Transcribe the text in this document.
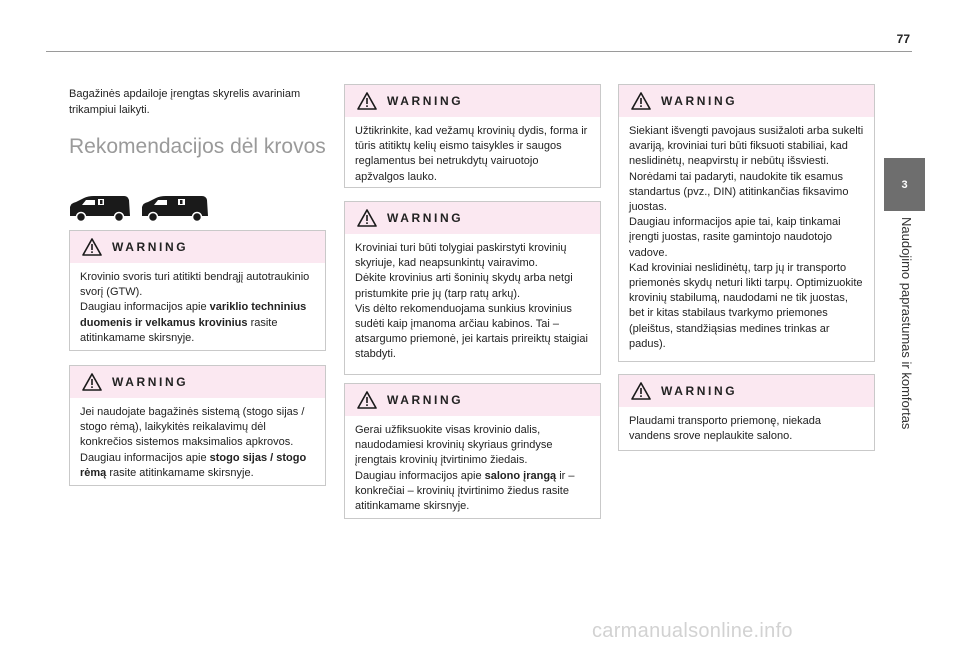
77
3
Naudojimo paprastumas ir komfortas
Bagažinės apdailoje įrengtas skyrelis avariniam trikampiui laikyti.
Rekomendacijos dėl krovos
WARNING

Krovinio svoris turi atitikti bendrąjį autotraukinio svorį (GTW).

Daugiau informacijos apie variklio techninius duomenis ir velkamus krovinius rasite atitinkamame skirsnyje.

WARNING

Jei naudojate bagažinės sistemą (stogo sijas / stogo rėmą), laikykitės reikalavimų dėl konkrečios sistemos maksimalios apkrovos.

Daugiau informacijos apie stogo sijas / stogo rėmą rasite atitinkamame skirsnyje.

WARNING

Užtikrinkite, kad vežamų krovinių dydis, forma ir tūris atitiktų kelių eismo taisykles ir saugos reglamentus bei netrukdytų vairuotojo apžvalgos lauko.

WARNING

Kroviniai turi būti tolygiai paskirstyti krovinių skyriuje, kad neapsunkintų vairavimo.

Dėkite krovinius arti šoninių skydų arba netgi pristumkite prie jų (tarp ratų arkų).

Vis dėlto rekomenduojama sunkius krovinius sudėti kaip įmanoma arčiau kabinos. Tai – atsargumo priemonė, jei kartais prireiktų staigiai stabdyti.

WARNING

Gerai užfiksuokite visas krovinio dalis, naudodamiesi krovinių skyriaus grindyse įrengtais krovinių įtvirtinimo žiedais.

Daugiau informacijos apie salono įrangą ir – konkrečiai – krovinių įtvirtinimo žiedus rasite atitinkamame skirsnyje.

WARNING

Siekiant išvengti pavojaus susižaloti arba sukelti avariją, kroviniai turi būti fiksuoti stabiliai, kad neslidinėtų, neapvirstų ir nebūtų išsviesti. Norėdami tai padaryti, naudokite tik esamus standartus (pvz., DIN) atitinkančias fiksavimo juostas.

Daugiau informacijos apie tai, kaip tinkamai įrengti juostas, rasite gamintojo naudotojo vadove.

Kad kroviniai neslidinėtų, tarp jų ir transporto priemonės skydų neturi likti tarpų. Optimizuokite krovinių stabilumą, naudodami ne tik juostas, bet ir kitas stabilaus tvarkymo priemones (pleištus, standžiąsias medines trinkas ar padus).

WARNING

Plaudami transporto priemonę, niekada vandens srove neplaukite salono.

carmanualsonline.info
